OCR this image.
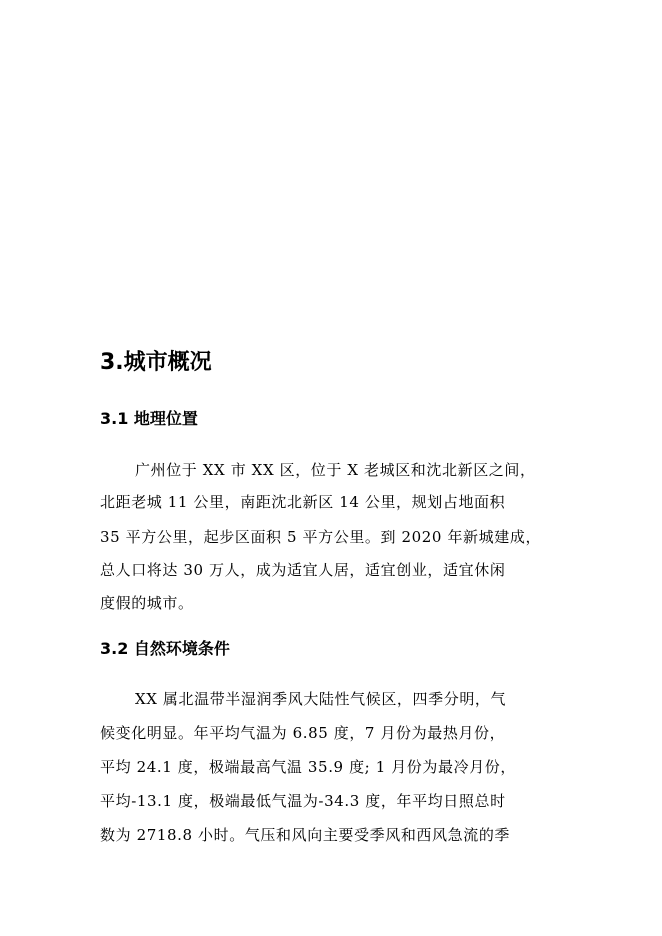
3.城市概况
3.1 地理位置
广州位于 XX 市 XX 区，位于 X 老城区和沈北新区之间，
北距老城 11 公里，南距沈北新区 14 公里，规划占地面积
35 平方公里，起步区面积 5 平方公里。到 2020 年新城建成，
总人口将达 30 万人，成为适宜人居，适宜创业，适宜休闲
度假的城市。
3.2 自然环境条件
XX 属北温带半湿润季风大陆性气候区，四季分明，气
候变化明显。年平均气温为 6.85 度，7 月份为最热月份，
平均 24.1 度，极端最高气温 35.9 度; 1 月份为最冷月份，
平均-13.1 度，极端最低气温为-34.3 度，年平均日照总时
数为 2718.8 小时。气压和风向主要受季风和西风急流的季
